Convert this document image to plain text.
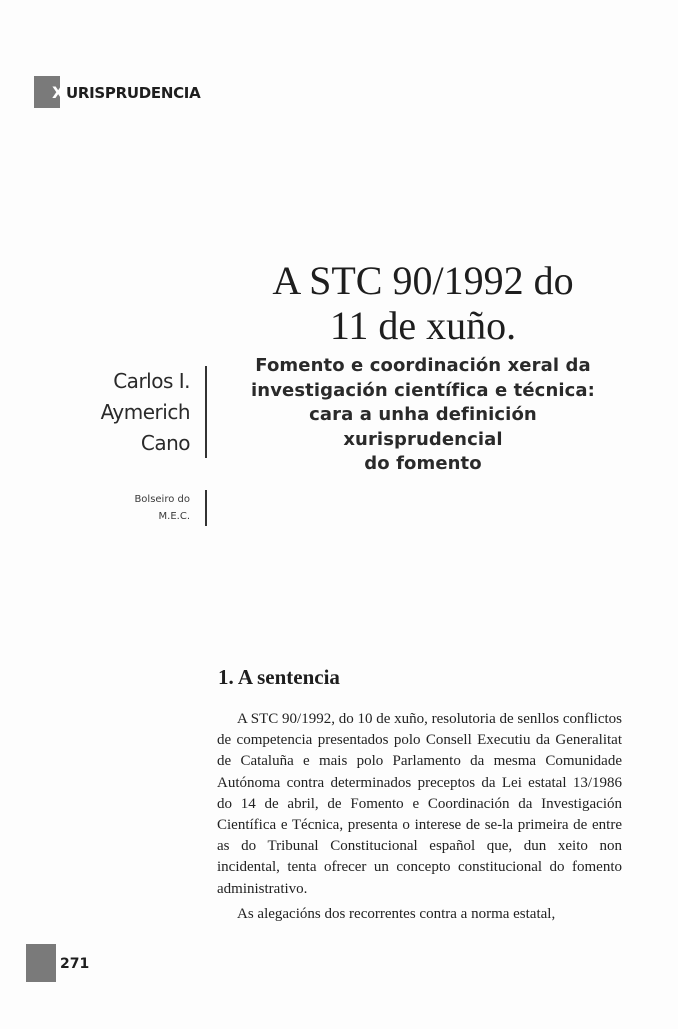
X URISPRUDENCIA
A STC 90/1992 do
11 de xuño.
Fomento e coordinación xeral da
investigación científica e técnica:
cara a unha definición xurisprudencial
do fomento
Carlos I.
Aymerich
Cano
Bolseiro do
M.E.C.
1. A sentencia

A STC 90/1992, do 10 de xuño, resolutoria de senllos conflictos de competencia presentados polo Consell Executiu da Generalitat de Cataluña e mais polo Parlamento da mesma Comunidade Autónoma contra determinados preceptos da Lei estatal 13/1986 do 14 de abril, de Fomento e Coordinación da Investigación Científica e Técnica, presenta o interese de se-la primeira de entre as do Tribunal Constitucional español que, dun xeito non incidental, tenta ofrecer un concepto constitucional do fomento administrativo.

As alegacións dos recorrentes contra a norma estatal,

271
